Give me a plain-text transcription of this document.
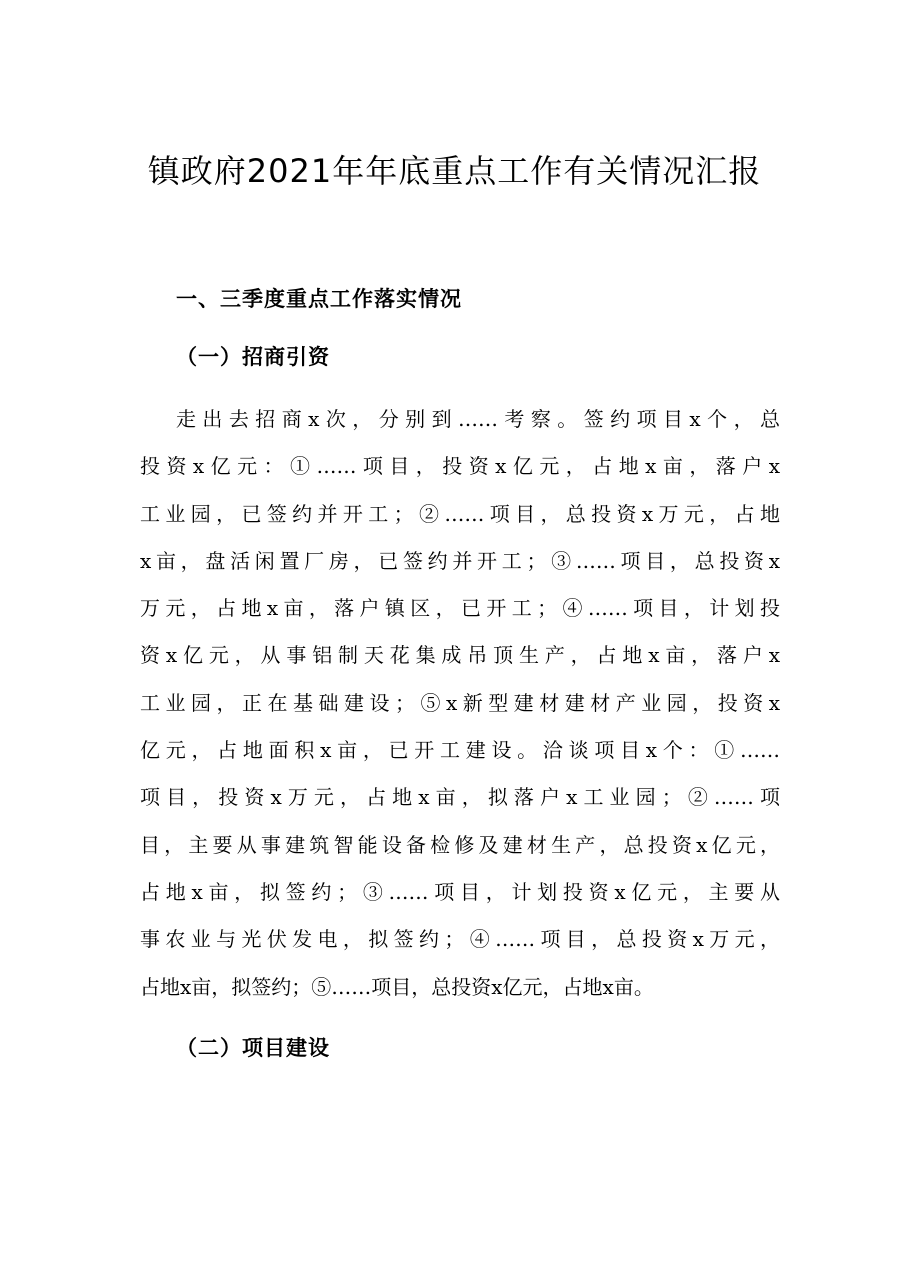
镇政府2021年年底重点工作有关情况汇报
一、三季度重点工作落实情况
（一）招商引资
走出去招商x次，分别到……考察。签约项目x个，总
投资x亿元：①……项目，投资x亿元，占地x亩，落户x
工业园，已签约并开工；②……项目，总投资x万元，占地
x亩，盘活闲置厂房，已签约并开工；③……项目，总投资x
万元，占地x亩，落户镇区，已开工；④……项目，计划投
资x亿元，从事铝制天花集成吊顶生产，占地x亩，落户x
工业园，正在基础建设；⑤x新型建材建材产业园，投资x
亿元，占地面积x亩，已开工建设。洽谈项目x个：①……
项目，投资x万元，占地x亩，拟落户x工业园；②……项
目，主要从事建筑智能设备检修及建材生产，总投资x亿元，
占地x亩，拟签约；③……项目，计划投资x亿元，主要从
事农业与光伏发电，拟签约；④……项目，总投资x万元，
占地x亩，拟签约；⑤……项目，总投资x亿元，占地x亩。
（二）项目建设
